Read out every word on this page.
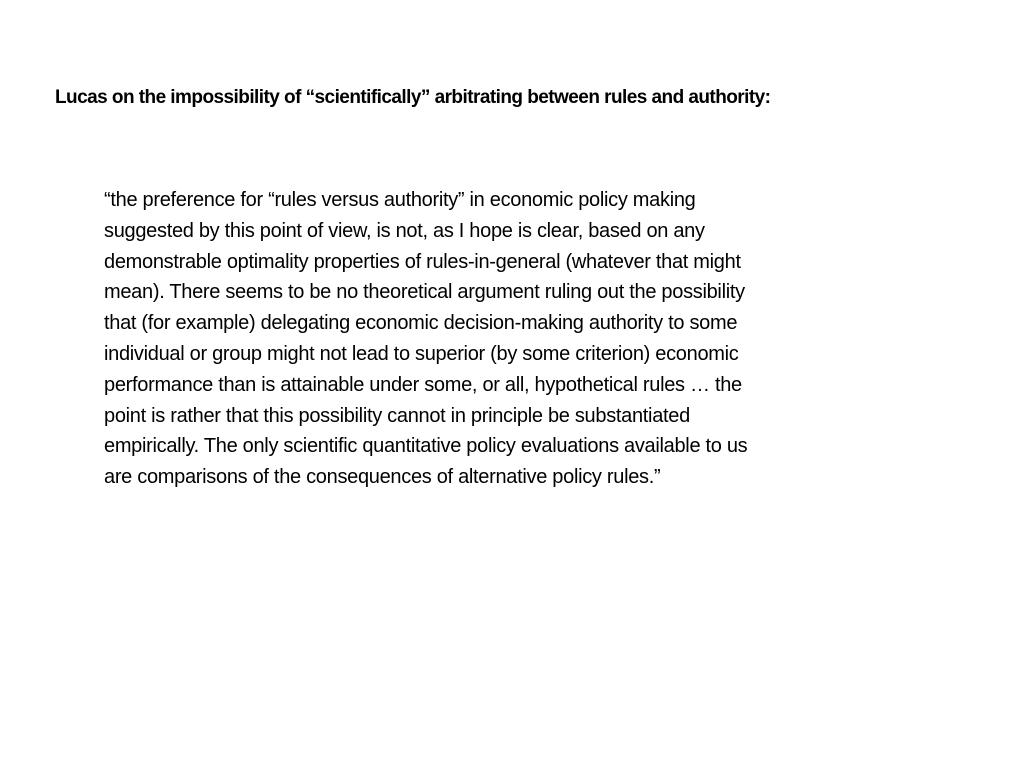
Lucas on the impossibility of “scientifically” arbitrating between rules and authority:
“the preference for “rules versus authority” in economic policy making
suggested by this point of view, is not, as I hope is clear, based on any
demonstrable optimality properties of rules-in-general (whatever that might
mean). There seems to be no theoretical argument ruling out the possibility
that (for example) delegating economic decision-making authority to some
individual or group might not lead to superior (by some criterion) economic
performance than is attainable under some, or all, hypothetical rules … the
point is rather that this possibility cannot in principle be substantiated
empirically. The only scientific quantitative policy evaluations available to us
are comparisons of the consequences of alternative policy rules.”
